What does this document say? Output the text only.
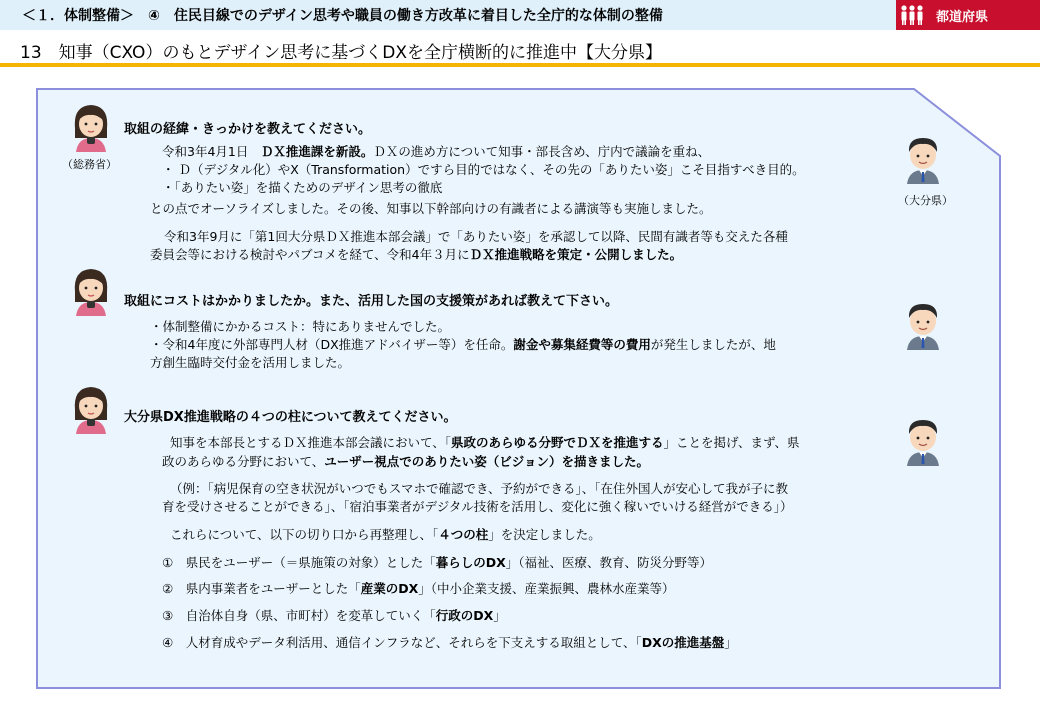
＜１．体制整備＞　④　住民目線でのデザイン思考や職員の働き方改革に着目した全庁的な体制の整備	都道府県
13　知事（CXO）のもとデザイン思考に基づくDXを全庁横断的に推進中【大分県】
（総務省）
（大分県）
取組の経緯・きっかけを教えてください。
令和3年4月1日　ＤＸ推進課を新設。ＤＸの進め方について知事・部長含め、庁内で議論を重ね、
・ Ｄ（デジタル化）やX（Transformation）ですら目的ではなく、その先の「ありたい姿」こそ目指すべき目的。
・「ありたい姿」を描くためのデザイン思考の徹底
との点でオーソライズしました。その後、知事以下幹部向けの有識者による講演等も実施しました。
令和3年9月に「第1回大分県ＤＸ推進本部会議」で「ありたい姿」を承認して以降、民間有識者等も交えた各種
委員会等における検討やパブコメを経て、令和4年３月にＤＸ推進戦略を策定・公開しました。
取組にコストはかかりましたか。また、活用した国の支援策があれば教えて下さい。
・体制整備にかかるコスト：特にありませんでした。
・令和4年度に外部専門人材（DX推進アドバイザー等）を任命。謝金や募集経費等の費用が発生しましたが、地
方創生臨時交付金を活用しました。
大分県DX推進戦略の４つの柱について教えてください。
知事を本部長とするＤＸ推進本部会議において、「県政のあらゆる分野でＤＸを推進する」ことを掲げ、まず、県
政のあらゆる分野において、ユーザー視点でのありたい姿（ビジョン）を描きました。
（例：「病児保育の空き状況がいつでもスマホで確認でき、予約ができる」、「在住外国人が安心して我が子に教
育を受けさせることができる」、「宿泊事業者がデジタル技術を活用し、変化に強く稼いでいける経営ができる」）
これらについて、以下の切り口から再整理し、「４つの柱」を決定しました。
①　県民をユーザー（＝県施策の対象）とした「暮らしのDX」（福祉、医療、教育、防災分野等）
②　県内事業者をユーザーとした「産業のDX」（中小企業支援、産業振興、農林水産業等）
③　自治体自身（県、市町村）を変革していく「行政のDX」
④　人材育成やデータ利活用、通信インフラなど、それらを下支えする取組として、「DXの推進基盤」
